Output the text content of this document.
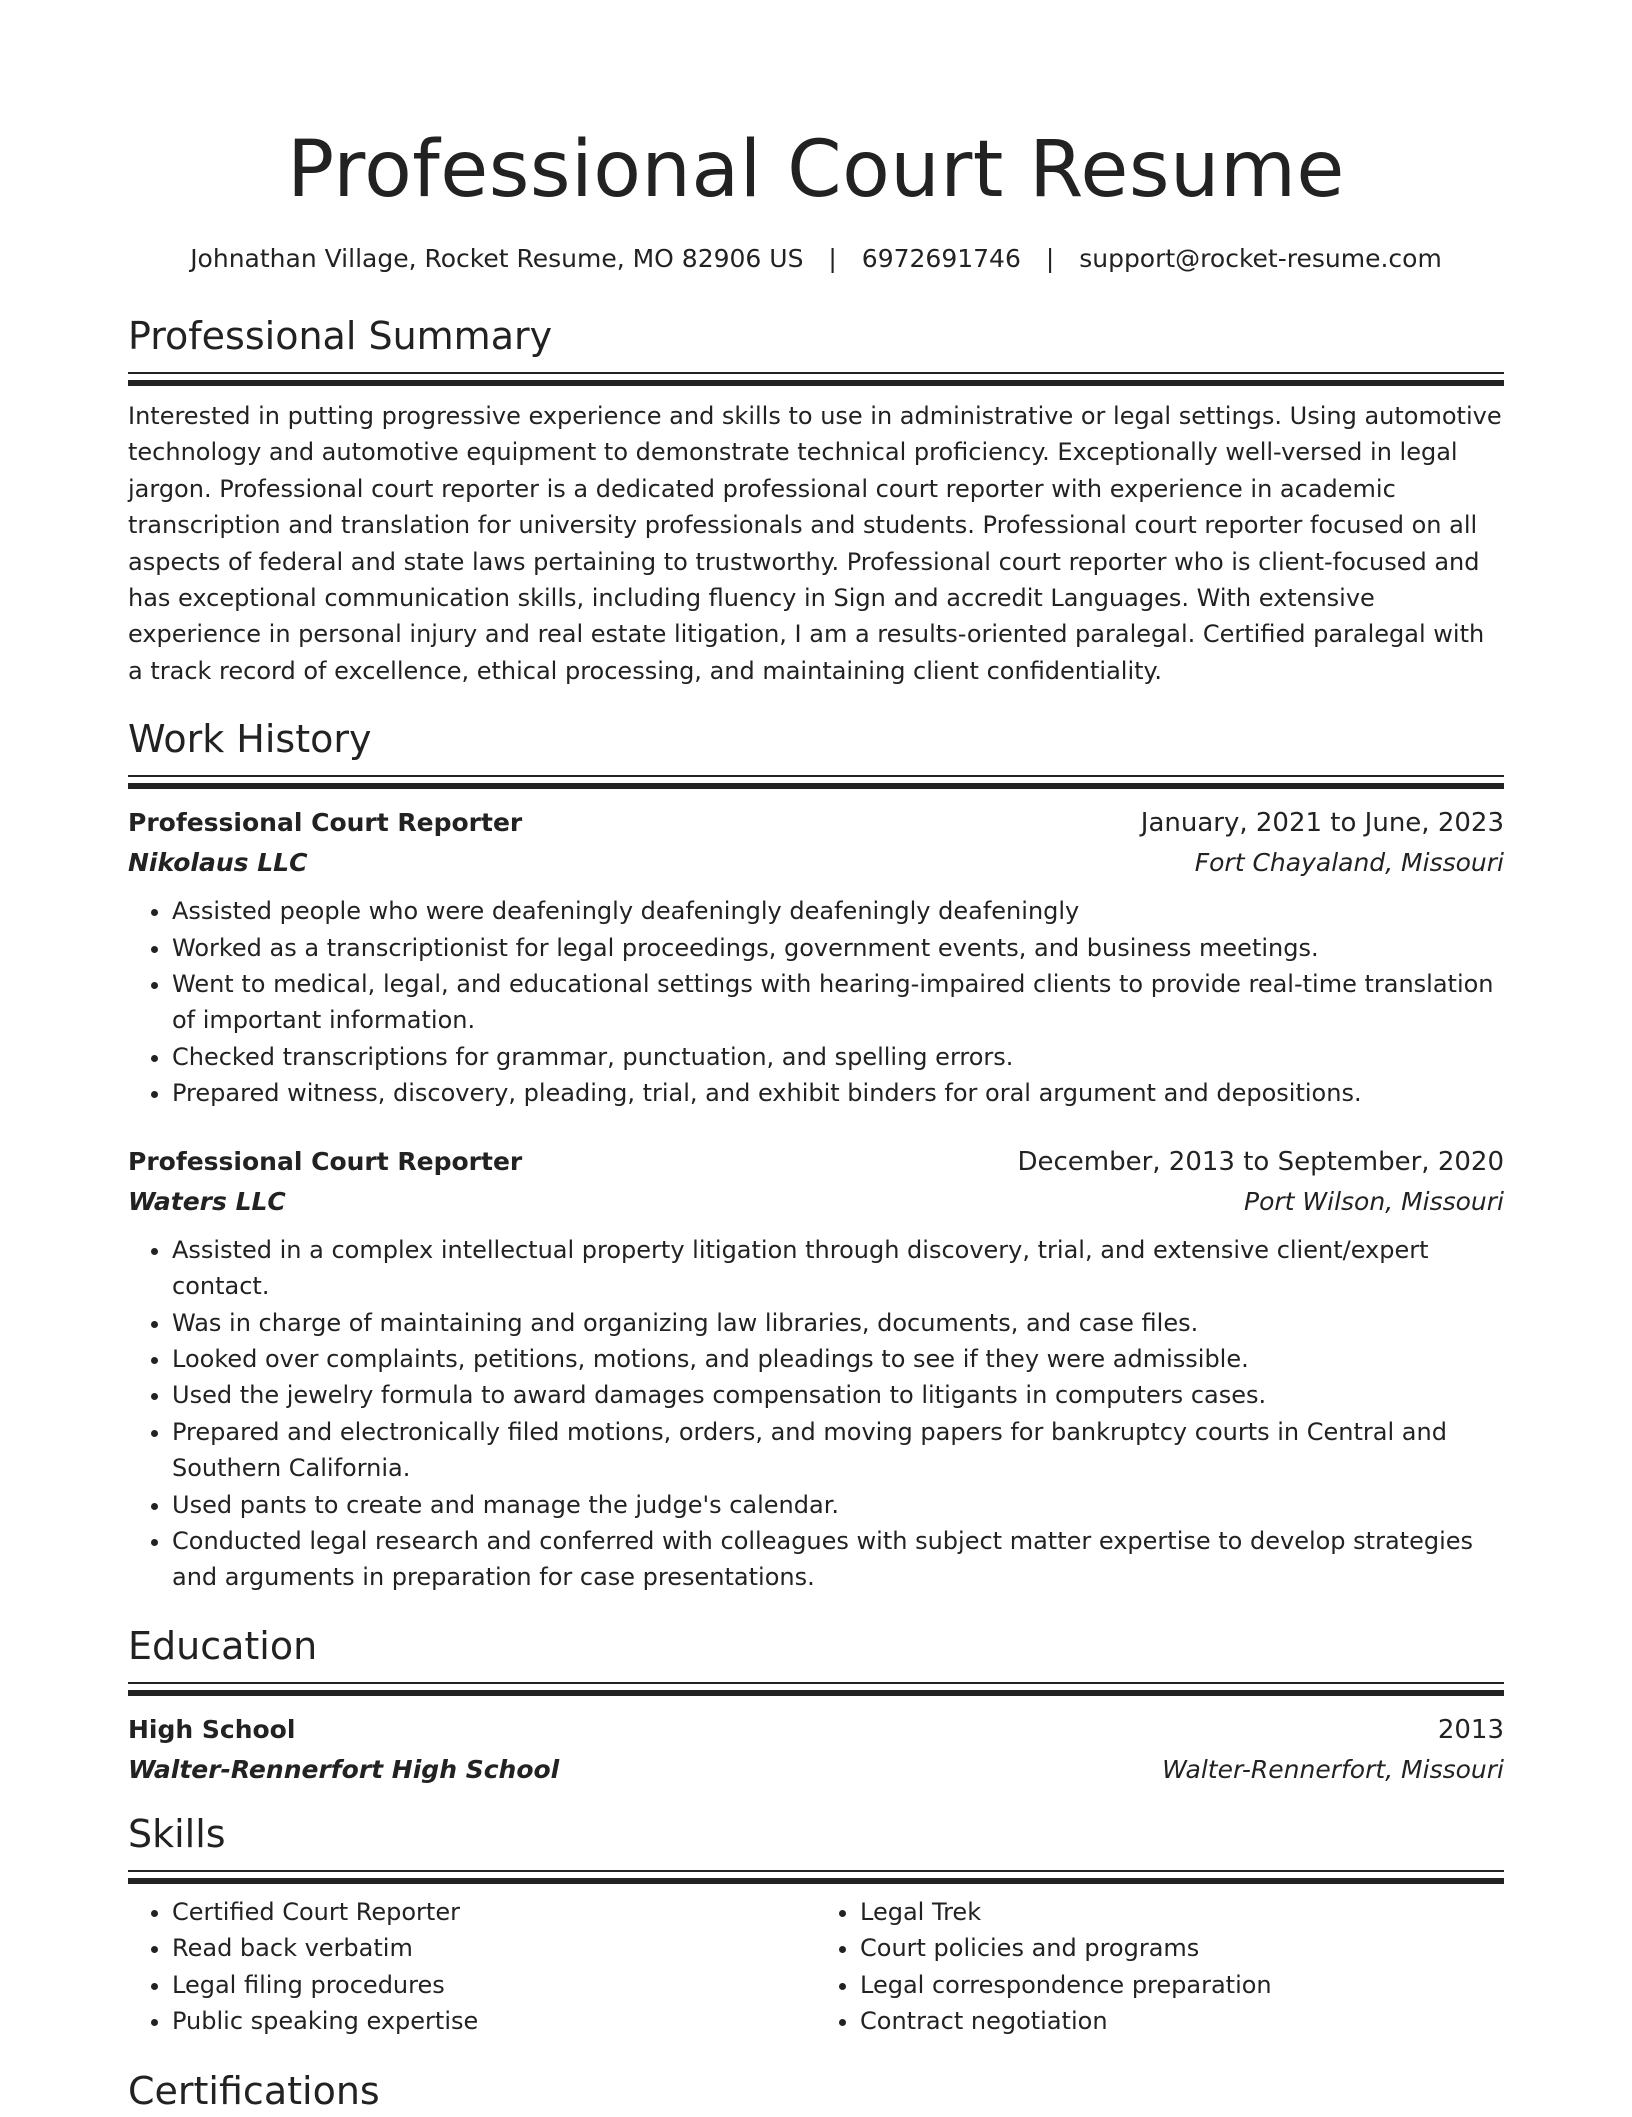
Professional Court Resume
Johnathan Village, Rocket Resume, MO 82906 US | 6972691746 | support@rocket-resume.com
Professional Summary
Interested in putting progressive experience and skills to use in administrative or legal settings. Using automotive technology and automotive equipment to demonstrate technical proficiency. Exceptionally well-versed in legal jargon. Professional court reporter is a dedicated professional court reporter with experience in academic transcription and translation for university professionals and students. Professional court reporter focused on all aspects of federal and state laws pertaining to trustworthy. Professional court reporter who is client-focused and has exceptional communication skills, including fluency in Sign and accredit Languages. With extensive experience in personal injury and real estate litigation, I am a results-oriented paralegal. Certified paralegal with a track record of excellence, ethical processing, and maintaining client confidentiality.
Work History
Professional Court Reporter	January, 2021 to June, 2023
Nikolaus LLC	Fort Chayaland, Missouri
• Assisted people who were deafeningly deafeningly deafeningly deafeningly
• Worked as a transcriptionist for legal proceedings, government events, and business meetings.
• Went to medical, legal, and educational settings with hearing-impaired clients to provide real-time translation of important information.
• Checked transcriptions for grammar, punctuation, and spelling errors.
• Prepared witness, discovery, pleading, trial, and exhibit binders for oral argument and depositions.
Professional Court Reporter	December, 2013 to September, 2020
Waters LLC	Port Wilson, Missouri
• Assisted in a complex intellectual property litigation through discovery, trial, and extensive client/expert contact.
• Was in charge of maintaining and organizing law libraries, documents, and case files.
• Looked over complaints, petitions, motions, and pleadings to see if they were admissible.
• Used the jewelry formula to award damages compensation to litigants in computers cases.
• Prepared and electronically filed motions, orders, and moving papers for bankruptcy courts in Central and Southern California.
• Used pants to create and manage the judge's calendar.
• Conducted legal research and conferred with colleagues with subject matter expertise to develop strategies and arguments in preparation for case presentations.
Education
High School	2013
Walter-Rennerfort High School	Walter-Rennerfort, Missouri
Skills
• Certified Court Reporter
• Read back verbatim
• Legal filing procedures
• Public speaking expertise
• Legal Trek
• Court policies and programs
• Legal correspondence preparation
• Contract negotiation
Certifications
